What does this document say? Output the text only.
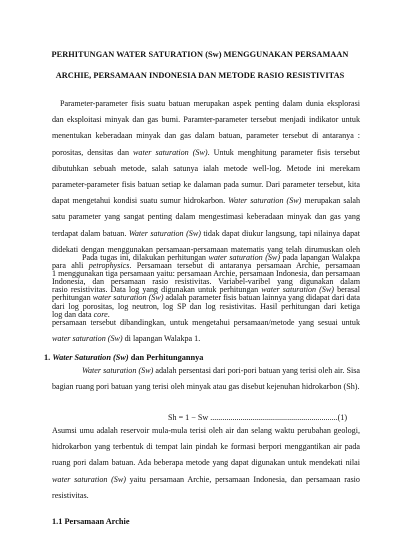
PERHITUNGAN WATER SATURATION (Sw) MENGGUNAKAN PERSAMAAN
ARCHIE, PERSAMAAN INDONESIA DAN METODE RASIO RESISTIVITAS

Parameter-parameter fisis suatu batuan merupakan aspek penting dalam dunia eksplorasi dan eksploitasi minyak dan gas bumi. Paramter-parameter tersebut menjadi indikator untuk menentukan keberadaan minyak dan gas dalam batuan, parameter tersebut di antaranya : porositas, densitas dan water saturation (Sw). Untuk menghitung parameter fisis tersebut dibutuhkan sebuah metode, salah satunya ialah metode well-log. Metode ini merekam parameter-parameter fisis batuan setiap ke dalaman pada sumur. Dari parameter tersebut, kita dapat mengetahui kondisi suatu sumur hidrokarbon. Water saturation (Sw) merupakan salah satu parameter yang sangat penting dalam mengestimasi keberadaan minyak dan gas yang terdapat dalam batuan. Water saturation (Sw) tidak dapat diukur langsung, tapi nilainya dapat didekati dengan menggunakan persamaan-persamaan matematis yang telah dirumuskan oleh para ahli petrophysics. Persamaan tersebut di antaranya persamaan Archie, persamaan Indonesia, dan persamaan rasio resistivitas. Variabel-varibel yang digunakan dalam perhitungan water saturation (Sw) adalah parameter fisis batuan lainnya yang didapat dari data log dan data core.

Pada tugas ini, dilakukan perhitungan water saturation (Sw) pada lapangan Walakpa 1 menggunakan tiga persamaan yaitu: persamaan Archie, persamaan Indonesia, dan persamaan rasio resistivitas. Data log yang digunakan untuk perhitungan water saturation (Sw) berasal dari log porositas, log neutron, log SP dan log resistivitas. Hasil perhitungan dari ketiga persamaan tersebut dibandingkan, untuk mengetahui persamaan/metode yang sesuai untuk water saturation (Sw) di lapangan Walakpa 1.

1. Water Saturation (Sw) dan Perhitungannya

Water saturation (Sw) adalah persentasi dari pori-pori batuan yang terisi oleh air. Sisa bagian ruang pori batuan yang terisi oleh minyak atau gas disebut kejenuhan hidrokarbon (Sh).

Sh = 1 − Sw ...............................................................(1)

Asumsi umu adalah reservoir mula-mula terisi oleh air dan selang waktu perubahan geologi, hidrokarbon yang terbentuk di tempat lain pindah ke formasi berpori menggantikan air pada ruang pori dalam batuan. Ada beberapa metode yang dapat digunakan untuk mendekati nilai water saturation (Sw) yaitu persamaan Archie, persamaan Indonesia, dan persamaan rasio resistivitas.

1.1 Persamaan Archie
